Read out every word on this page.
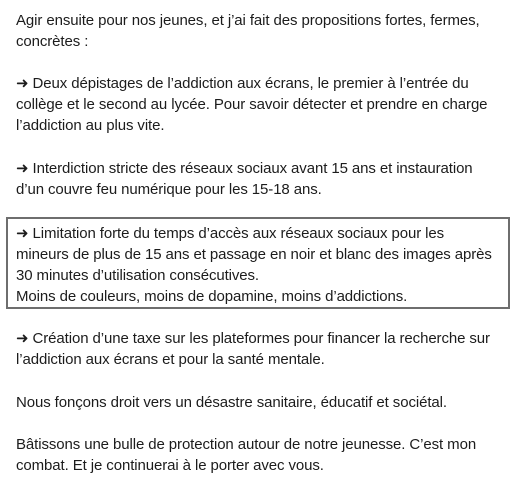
Agir ensuite pour nos jeunes, et j’ai fait des propositions fortes, fermes,
concrètes :

➜ Deux dépistages de l’addiction aux écrans, le premier à l’entrée du
collège et le second au lycée. Pour savoir détecter et prendre en charge
l’addiction au plus vite.

➜ Interdiction stricte des réseaux sociaux avant 15 ans et instauration
d’un couvre feu numérique pour les 15-18 ans.

➜ Limitation forte du temps d’accès aux réseaux sociaux pour les
mineurs de plus de 15 ans et passage en noir et blanc des images après
30 minutes d’utilisation consécutives.
Moins de couleurs, moins de dopamine, moins d’addictions.

➜ Création d’une taxe sur les plateformes pour financer la recherche sur
l’addiction aux écrans et pour la santé mentale.

Nous fonçons droit vers un désastre sanitaire, éducatif et sociétal.

Bâtissons une bulle de protection autour de notre jeunesse. C’est mon
combat. Et je continuerai à le porter avec vous.
